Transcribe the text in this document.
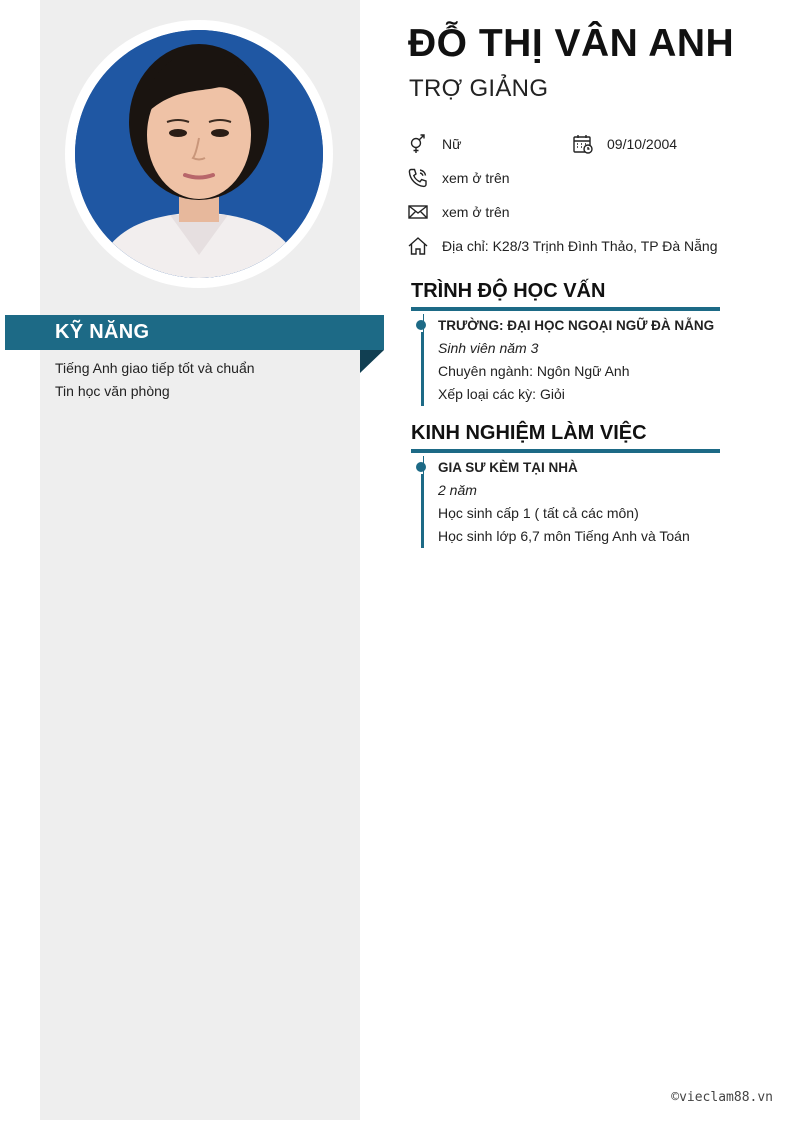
KỸ NĂNG
Tiếng Anh giao tiếp tốt và chuẩn
Tin học văn phòng
ĐỖ THỊ VÂN ANH
TRỢ GIẢNG
Nữ	09/10/2004
xem ở trên
xem ở trên
Địa chỉ: K28/3 Trịnh Đình Thảo, TP Đà Nẵng
TRÌNH ĐỘ HỌC VẤN
TRƯỜNG: ĐẠI HỌC NGOẠI NGỮ ĐÀ NẴNG
Sinh viên năm 3
Chuyên ngành: Ngôn Ngữ Anh
Xếp loại các kỳ: Giỏi
KINH NGHIỆM LÀM VIỆC
GIA SƯ KÈM TẠI NHÀ
2 năm
Học sinh cấp 1 ( tất cả các môn)
Học sinh lớp 6,7 môn Tiếng Anh và Toán
©vieclam88.vn
